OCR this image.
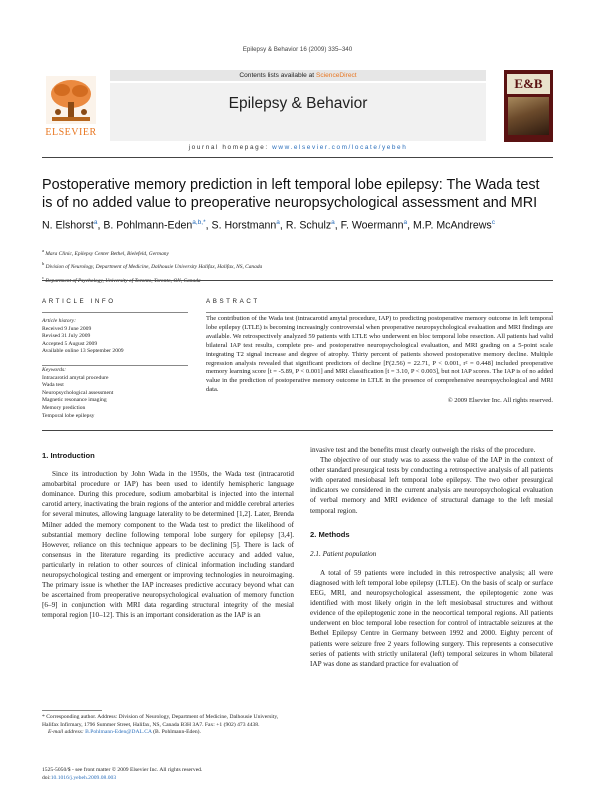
Epilepsy & Behavior 16 (2009) 335–340
ELSEVIER
Contents lists available at ScienceDirect
Epilepsy & Behavior
journal homepage: www.elsevier.com/locate/yebeh
E&B
Postoperative memory prediction in left temporal lobe epilepsy: The Wada test is of no added value to preoperative neuropsychological assessment and MRI
N. Elshorst$^a$, B. Pohlmann-Eden$^{a,b,*}$, S. Horstmann$^a$, R. Schulz$^a$, F. Woermann$^a$, M.P. McAndrews$^c$
$^a$ Mara Clinic, Epilepsy Center Bethel, Bielefeld, Germany
$^b$ Division of Neurology, Department of Medicine, Dalhousie University Halifax, Halifax, NS, Canada
$^c$ Department of Psychology, University of Toronto, Toronto, ON, Canada
ARTICLE INFO
Article history:
Received 9 June 2009
Revised 31 July 2009
Accepted 5 August 2009
Available online 13 September 2009
Keywords:
Intracarotid amytal procedure
Wada test
Neuropsychological assessment
Magnetic resonance imaging
Memory prediction
Temporal lobe epilepsy
ABSTRACT
The contribution of the Wada test (intracarotid amytal procedure, IAP) to predicting postoperative memory outcome in left temporal lobe epilepsy (LTLE) is becoming increasingly controversial when preoperative neuropsychological evaluation and MRI findings are available. We retrospectively analyzed 59 patients with LTLE who underwent en bloc temporal lobe resection. All patients had valid bilateral IAP test results, complete pre- and postoperative neuropsychological evaluation, and MRI grading on a 5-point scale integrating T2 signal increase and degree of atrophy. Thirty percent of patients showed postoperative memory decline. Multiple regression analysis revealed that significant predictors of decline [F(2.56) = 22.71, P < 0.001, r² = 0.448] included preoperative memory learning score [t = -5.89, P < 0.001] and MRI classification [t = 3.10, P < 0.003], but not IAP scores. The IAP is of no added value in the prediction of postoperative memory outcome in LTLE in the presence of comprehensive neuropsychological and MRI data.
© 2009 Elsevier Inc. All rights reserved.
1. Introduction

Since its introduction by John Wada in the 1950s, the Wada test (intracarotid amobarbital procedure or IAP) has been used to identify hemispheric language dominance. During this procedure, sodium amobarbital is injected into the internal carotid artery, inactivating the brain regions of the anterior and middle cerebral arteries for several minutes, allowing language laterality to be determined [1,2]. Later, Brenda Milner added the memory component to the Wada test to predict the likelihood of substantial memory decline following temporal lobe surgery for epilepsy [3,4]. However, reliance on this technique appears to be declining [5]. There is lack of consensus in the literature regarding its predictive accuracy and added value, particularly in relation to other sources of clinical information including standard neuropsychological testing and emergent or improving technologies in neuroimaging. The primary issue is whether the IAP increases predictive accuracy beyond what can be ascertained from preoperative neuropsychological evaluation of memory function [6–9] in conjunction with MRI data regarding structural integrity of the mesial temporal region [10–12]. This is an important consideration as the IAP is an

invasive test and the benefits must clearly outweigh the risks of the procedure.

The objective of our study was to assess the value of the IAP in the context of other standard presurgical tests by conducting a retrospective analysis of all patients with operated mesiobasal left temporal lobe epilepsy. The two other presurgical indicators we considered in the current analysis are neuropsychological evaluation of verbal memory and MRI evidence of structural damage to the left mesial temporal region.

2. Methods
2.1. Patient population

A total of 59 patients were included in this retrospective analysis; all were diagnosed with left temporal lobe epilepsy (LTLE). On the basis of scalp or surface EEG, MRI, and neuropsychological assessment, the epileptogenic zone was identified with most likely origin in the left mesiobasal structures and without evidence of the epileptogenic zone in the neocortical temporal regions. All patients underwent en bloc temporal lobe resection for control of intractable seizures at the Bethel Epilepsy Centre in Germany between 1992 and 2000. Eighty percent of patients were seizure free 2 years following surgery. This represents a consecutive series of patients with strictly unilateral (left) temporal seizures in whom bilateral IAP was done as standard practice for evaluation of

* Corresponding author. Address: Division of Neurology, Department of Medicine, Dalhousie University, Halifax Infirmary, 1796 Summer Street, Halifax, NS, Canada B3H 3A7. Fax: +1 (902) 473 4438.
E-mail address: B.Pohlmann-Eden@DAL.CA (B. Pohlmann-Eden).
1525-5050/$ - see front matter © 2009 Elsevier Inc. All rights reserved.
doi:10.1016/j.yebeh.2009.08.003
